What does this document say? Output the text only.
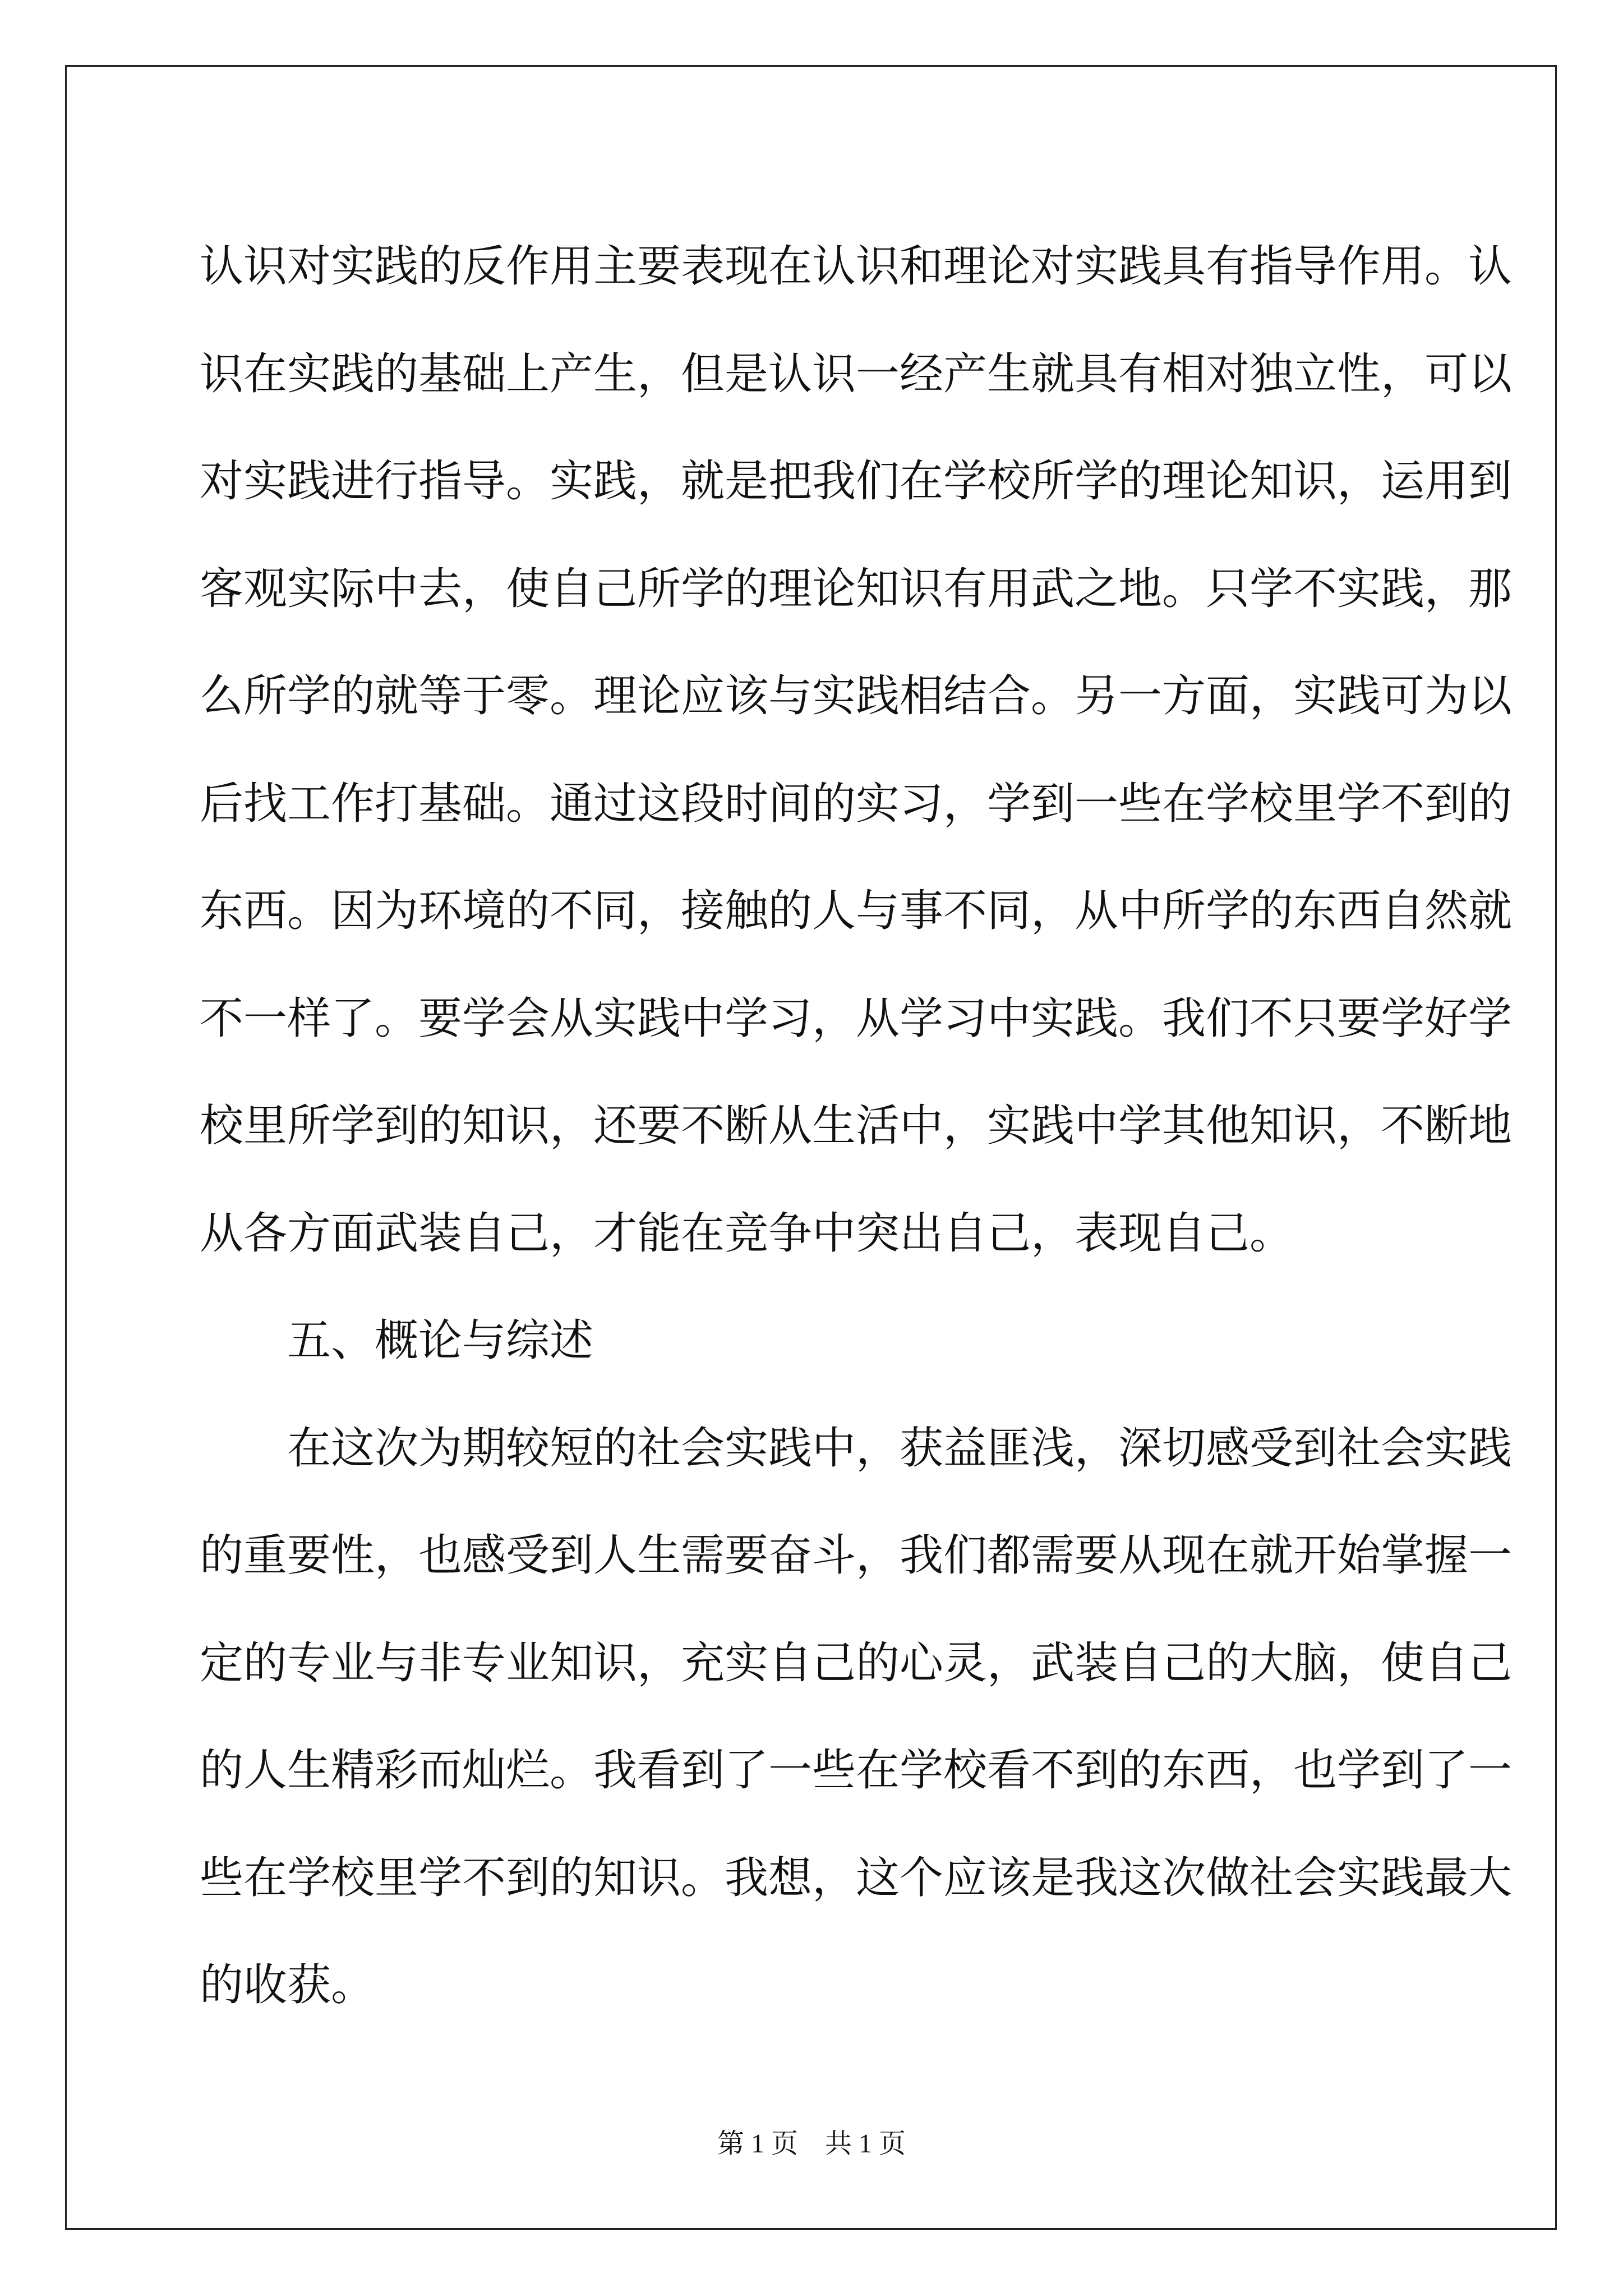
认识对实践的反作用主要表现在认识和理论对实践具有指导作用。认
识在实践的基础上产生，但是认识一经产生就具有相对独立性，可以
对实践进行指导。实践，就是把我们在学校所学的理论知识，运用到
客观实际中去，使自己所学的理论知识有用武之地。只学不实践，那
么所学的就等于零。理论应该与实践相结合。另一方面，实践可为以
后找工作打基础。通过这段时间的实习，学到一些在学校里学不到的
东西。因为环境的不同，接触的人与事不同，从中所学的东西自然就
不一样了。要学会从实践中学习，从学习中实践。我们不只要学好学
校里所学到的知识，还要不断从生活中，实践中学其他知识，不断地
从各方面武装自己，才能在竞争中突出自己，表现自己。
　　五、概论与综述
　　在这次为期较短的社会实践中，获益匪浅，深切感受到社会实践
的重要性，也感受到人生需要奋斗，我们都需要从现在就开始掌握一
定的专业与非专业知识，充实自己的心灵，武装自己的大脑，使自己
的人生精彩而灿烂。我看到了一些在学校看不到的东西，也学到了一
些在学校里学不到的知识。我想，这个应该是我这次做社会实践最大
的收获。
第 1 页　共 1 页
